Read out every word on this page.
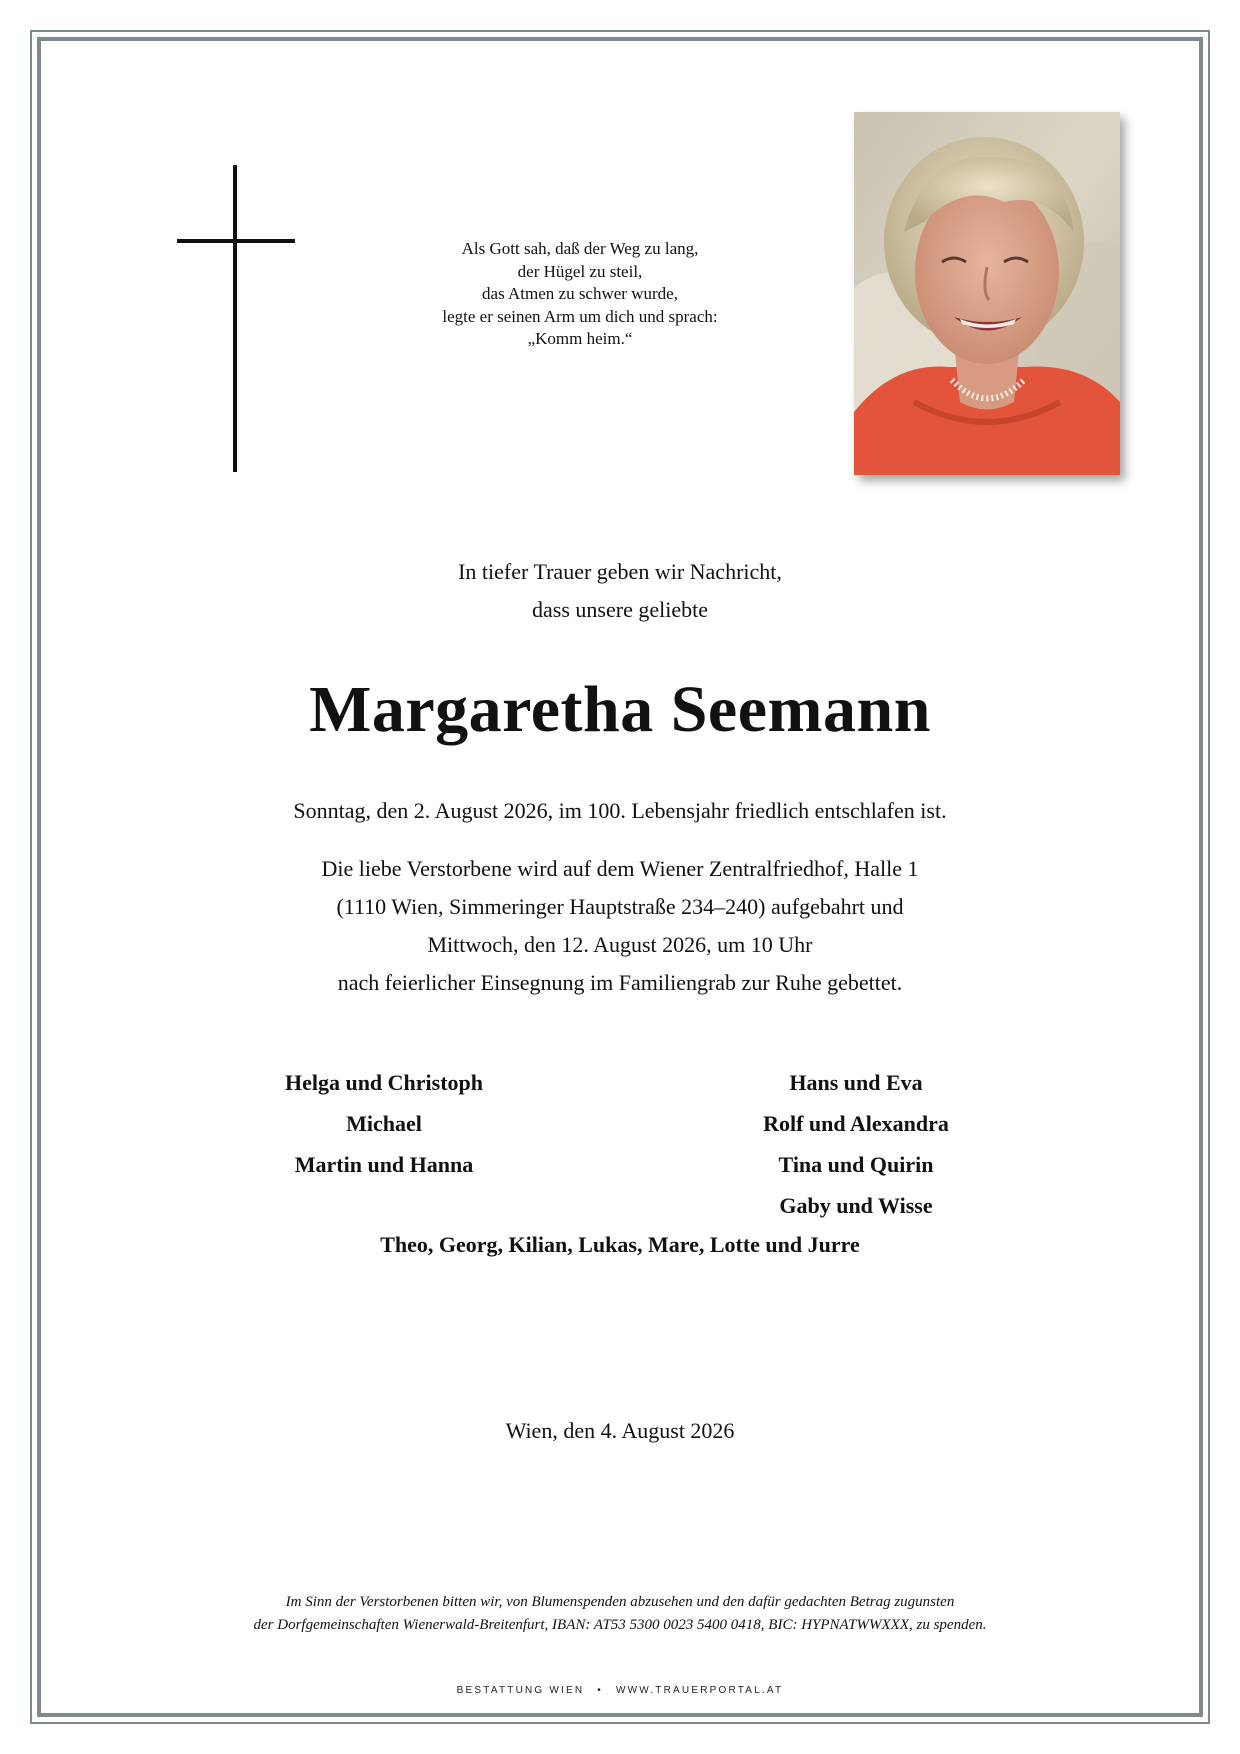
Als Gott sah, daß der Weg zu lang,
der Hügel zu steil,
das Atmen zu schwer wurde,
legte er seinen Arm um dich und sprach:
„Komm heim.“
In tiefer Trauer geben wir Nachricht,
dass unsere geliebte
Margaretha Seemann
Sonntag, den 2. August 2026, im 100. Lebensjahr friedlich entschlafen ist.
Die liebe Verstorbene wird auf dem Wiener Zentralfriedhof, Halle 1
(1110 Wien, Simmeringer Hauptstraße 234–240) aufgebahrt und
Mittwoch, den 12. August 2026, um 10 Uhr
nach feierlicher Einsegnung im Familiengrab zur Ruhe gebettet.
Helga und Christoph
Michael
Martin und Hanna
Hans und Eva
Rolf und Alexandra
Tina und Quirin
Gaby und Wisse
Theo, Georg, Kilian, Lukas, Mare, Lotte und Jurre
Wien, den 4. August 2026
Im Sinn der Verstorbenen bitten wir, von Blumenspenden abzusehen und den dafür gedachten Betrag zugunsten
der Dorfgemeinschaften Wienerwald-Breitenfurt, IBAN: AT53 5300 0023 5400 0418, BIC: HYPNATWWXXX, zu spenden.
BESTATTUNG WIEN • WWW.TRAUERPORTAL.AT
